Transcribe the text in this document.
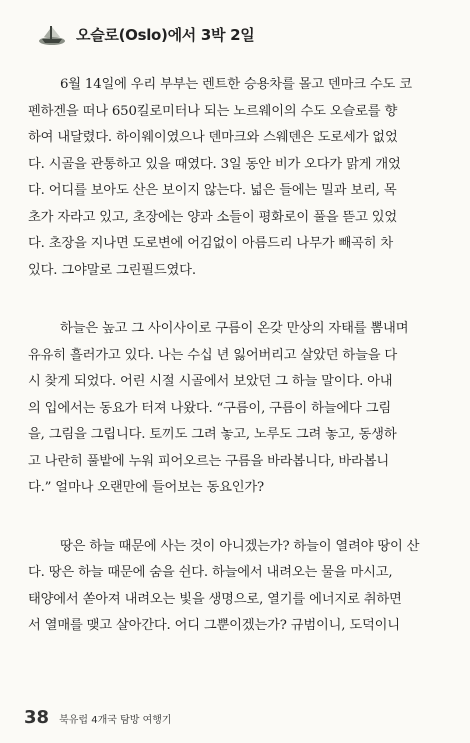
오슬로(Oslo)에서 3박 2일
6월 14일에 우리 부부는 렌트한 승용차를 몰고 덴마크 수도 코
펜하겐을 떠나 650킬로미터나 되는 노르웨이의 수도 오슬로를 향
하여 내달렸다. 하이웨이였으나 덴마크와 스웨덴은 도로세가 없었
다. 시골을 관통하고 있을 때였다. 3일 동안 비가 오다가 맑게 개었
다. 어디를 보아도 산은 보이지 않는다. 넓은 들에는 밀과 보리, 목
초가 자라고 있고, 초장에는 양과 소들이 평화로이 풀을 뜯고 있었
다. 초장을 지나면 도로변에 어김없이 아름드리 나무가 빼곡히 차
있다. 그야말로 그린필드였다.
하늘은 높고 그 사이사이로 구름이 온갖 만상의 자태를 뽐내며
유유히 흘러가고 있다. 나는 수십 년 잃어버리고 살았던 하늘을 다
시 찾게 되었다. 어린 시절 시골에서 보았던 그 하늘 말이다. 아내
의 입에서는 동요가 터져 나왔다. “구름이, 구름이 하늘에다 그림
을, 그림을 그립니다. 토끼도 그려 놓고, 노루도 그려 놓고, 동생하
고 나란히 풀밭에 누워 피어오르는 구름을 바라봅니다, 바라봅니
다.” 얼마나 오랜만에 들어보는 동요인가?
땅은 하늘 때문에 사는 것이 아니겠는가? 하늘이 열려야 땅이 산
다. 땅은 하늘 때문에 숨을 쉰다. 하늘에서 내려오는 물을 마시고,
태양에서 쏟아져 내려오는 빛을 생명으로, 열기를 에너지로 취하면
서 열매를 맺고 살아간다. 어디 그뿐이겠는가? 규범이니, 도덕이니
38 북유럽 4개국 탐방 여행기
